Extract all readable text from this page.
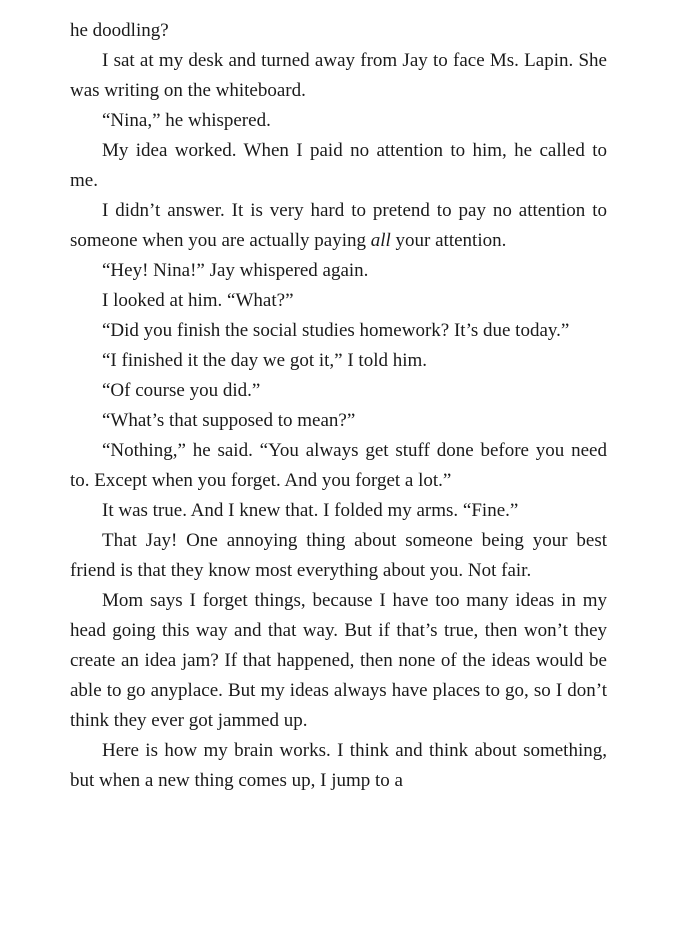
he doodling?

I sat at my desk and turned away from Jay to face Ms. Lapin. She was writing on the whiteboard.

“Nina,” he whispered.

My idea worked. When I paid no attention to him, he called to me.

I didn’t answer. It is very hard to pretend to pay no attention to someone when you are actually paying all your attention.

“Hey! Nina!” Jay whispered again.

I looked at him. “What?”

“Did you finish the social studies homework? It’s due today.”

“I finished it the day we got it,” I told him.

“Of course you did.”

“What’s that supposed to mean?”

“Nothing,” he said. “You always get stuff done before you need to. Except when you forget. And you forget a lot.”

It was true. And I knew that. I folded my arms. “Fine.”

That Jay! One annoying thing about someone being your best friend is that they know most everything about you. Not fair.

Mom says I forget things, because I have too many ideas in my head going this way and that way. But if that’s true, then won’t they create an idea jam? If that happened, then none of the ideas would be able to go anyplace. But my ideas always have places to go, so I don’t think they ever got jammed up.

Here is how my brain works. I think and think about something, but when a new thing comes up, I jump to a
